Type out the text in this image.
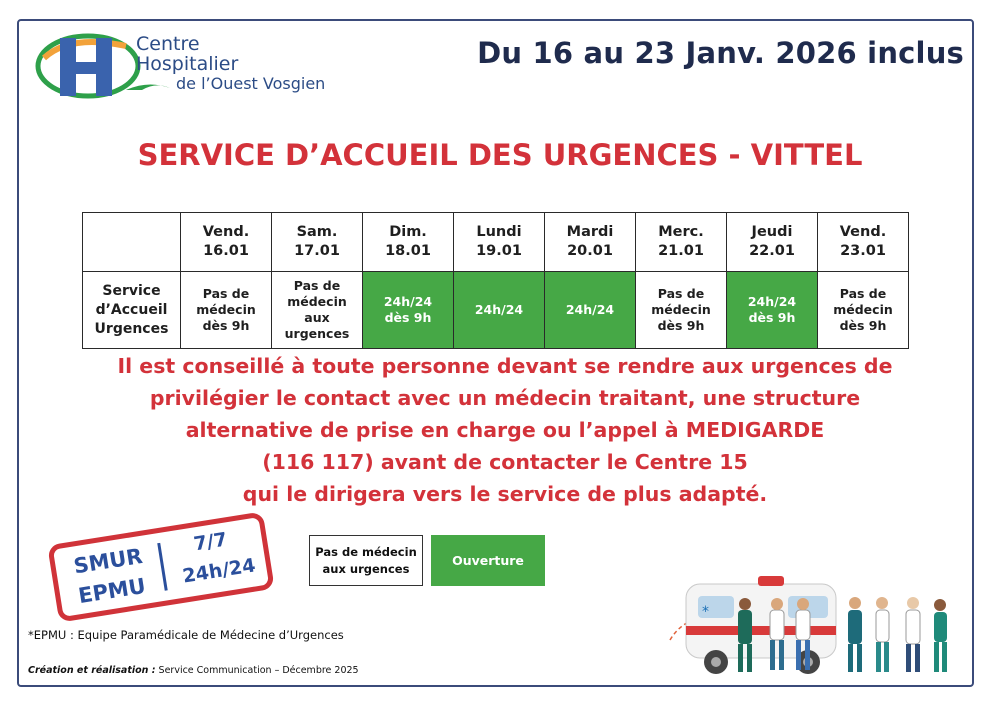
Centre
Hospitalier
de l’Ouest Vosgien
Du 16 au 23 Janv. 2026 inclus
SERVICE D’ACCUEIL DES URGENCES - VITTEL
	Vend.
16.01	Sam.
17.01	Dim.
18.01	Lundi
19.01	Mardi
20.01	Merc.
21.01	Jeudi
22.01	Vend.
23.01
Service
d’Accueil
Urgences	Pas de
médecin
dès 9h	Pas de
médecin
aux
urgences	24h/24
dès 9h	24h/24	24h/24	Pas de
médecin
dès 9h	24h/24
dès 9h	Pas de
médecin
dès 9h
Il est conseillé à toute personne devant se rendre aux urgences de
privilégier le contact avec un médecin traitant, une structure
alternative de prise en charge ou l’appel à MEDIGARDE
(116 117) avant de contacter le Centre 15
qui le dirigera vers le service de plus adapté.
SMUR
EPMU
7/7
24h/24
Pas de médecin
aux urgences
Ouverture
*
*EPMU : Equipe Paramédicale de Médecine d’Urgences
Création et réalisation : Service Communication – Décembre 2025
